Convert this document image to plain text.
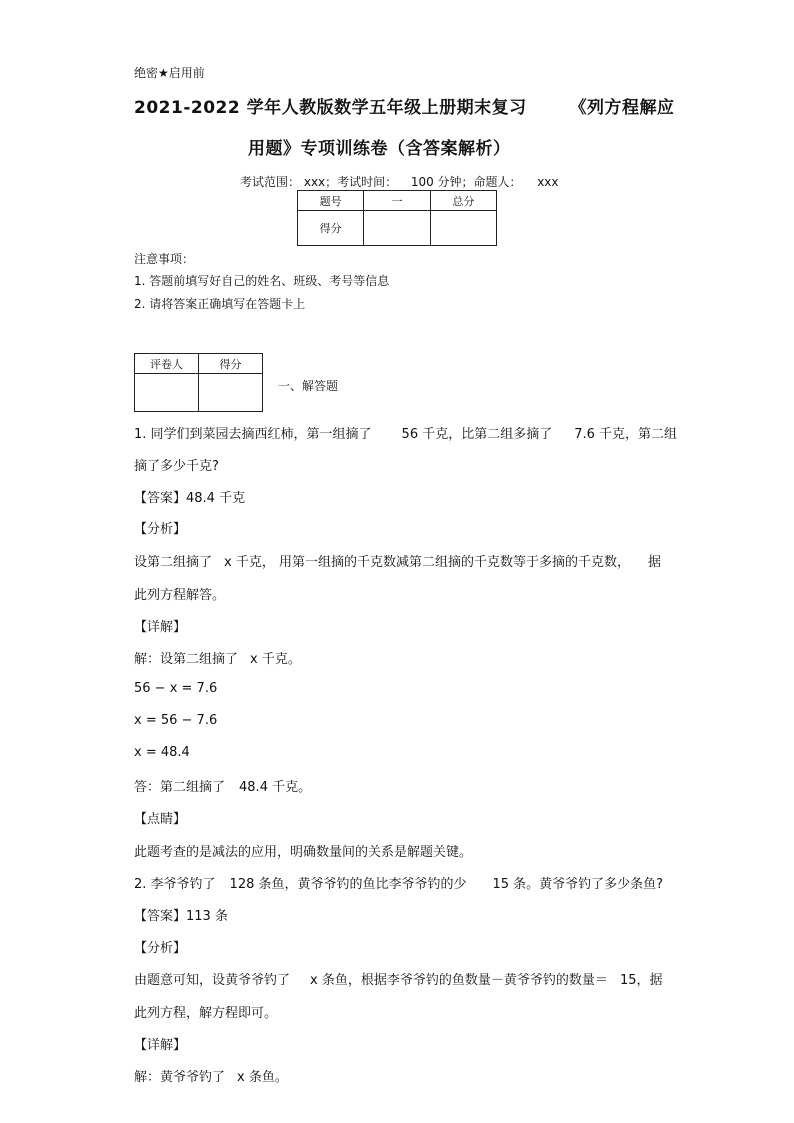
绝密★启用前
2021-2022 学年人教版数学五年级上册期末复习	《列方程解应
用题》专项训练卷（含答案解析）
考试范围： xxx；考试时间： 100 分钟；命题人： xxx
题号	一	总分
得分		
注意事项：
1. 答题前填写好自己的姓名、班级、考号等信息
2. 请将答案正确填写在答题卡上
评卷人	得分

一、解答题
1. 同学们到菜园去摘西红柿，第一组摘了 56 千克，比第二组多摘了 7.6 千克，第二组
摘了多少千克?
【答案】48.4 千克
【分析】
设第二组摘了 x 千克， 用第一组摘的千克数减第二组摘的千克数等于多摘的千克数， 据
此列方程解答。
【详解】
解：设第二组摘了 x 千克。
56 − x = 7.6
x = 56 − 7.6
x = 48.4
答：第二组摘了 48.4 千克。
【点睛】
此题考查的是减法的应用，明确数量间的关系是解题关键。
2. 李爷爷钓了 128 条鱼，黄爷爷钓的鱼比李爷爷钓的少 15 条。黄爷爷钓了多少条鱼?
【答案】113 条
【分析】
由题意可知，设黄爷爷钓了 x 条鱼，根据李爷爷钓的鱼数量－黄爷爷钓的数量＝ 15，据
此列方程，解方程即可。
【详解】
解：黄爷爷钓了 x 条鱼。
